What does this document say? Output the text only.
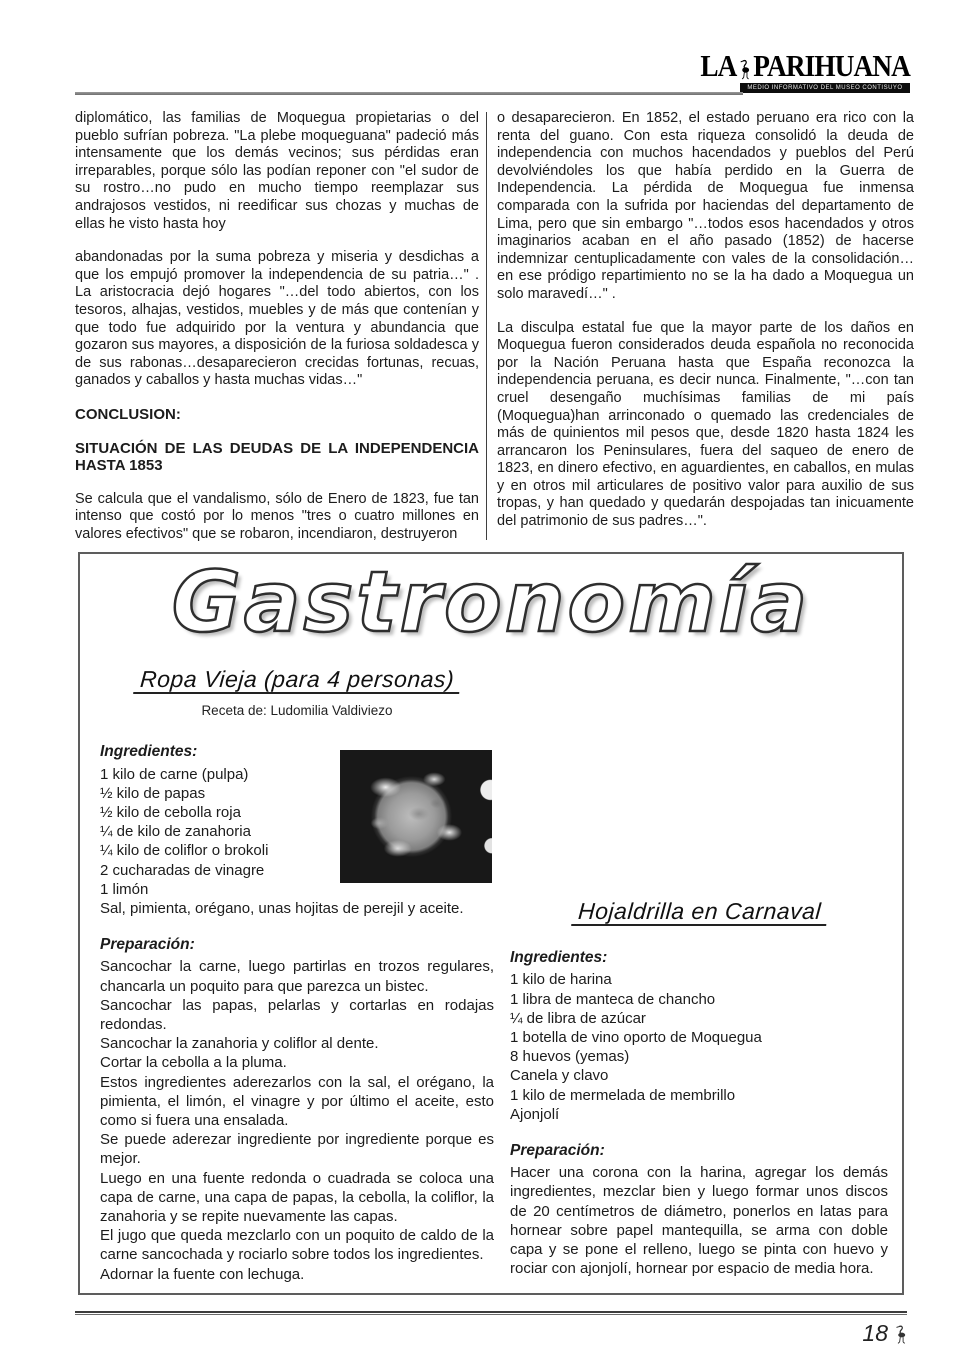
LA PARIHUANA
MEDIO INFORMATIVO DEL MUSEO CONTISUYO

diplomático, las familias de Moquegua propietarias o del pueblo sufrían pobreza. "La plebe moqueguana" padeció más intensamente que los demás vecinos; sus pérdidas eran irreparables, porque sólo las podían reponer con "el sudor de su rostro…no pudo en mucho tiempo reemplazar sus andrajosos vestidos, ni reedificar sus chozas y muchas de ellas he visto hasta hoy

abandonadas por la suma pobreza y miseria y desdichas a que los empujó promover la independencia de su patria…" . La aristocracia dejó hogares "…del todo abiertos, con los tesoros, alhajas, vestidos, muebles y de más que contenían y que todo fue adquirido por la ventura y abundancia que gozaron sus mayores, a disposición de la furiosa soldadesca y de sus rabonas…desaparecieron crecidas fortunas, recuas, ganados y caballos y hasta muchas vidas…"

CONCLUSION:

SITUACIÓN DE LAS DEUDAS DE LA INDEPENDENCIA HASTA 1853

Se calcula que el vandalismo, sólo de Enero de 1823, fue tan intenso que costó por lo menos "tres o cuatro millones en valores efectivos" que se robaron, incendiaron, destruyeron

o desaparecieron. En 1852, el estado peruano era rico con la renta del guano. Con esta riqueza consolidó la deuda de independencia con muchos hacendados y pueblos del Perú devolviéndoles los que había perdido en la Guerra de Independencia. La pérdida de Moquegua fue inmensa comparada con la sufrida por haciendas del departamento de Lima, pero que sin embargo "…todos esos hacendados y otros imaginarios acaban en el año pasado (1852) de hacerse indemnizar centuplicadamente con vales de la consolidación…en ese pródigo repartimiento no se la ha dado a Moquegua un solo maravedí…" .

La disculpa estatal fue que la mayor parte de los daños en Moquegua fueron considerados deuda española no reconocida por la Nación Peruana hasta que España reconozca la independencia peruana, es decir nunca. Finalmente, "…con tan cruel desengaño muchísimas familias de mi país (Moquegua)han arrinconado o quemado las credenciales de más de quinientos mil pesos que, desde 1820 hasta 1824 les arrancaron los Peninsulares, fuera del saqueo de enero de 1823, en dinero efectivo, en aguardientes, en caballos, en mulas y en otros mil articulares de positivo valor para auxilio de sus tropas, y han quedado y quedarán despojadas tan inicuamente del patrimonio de sus padres…".

Gastronomía
Ropa Vieja (para 4 personas)
Receta de: Ludomilia Valdiviezo
Ingredientes:
1 kilo de carne (pulpa)
½ kilo de papas
½ kilo de cebolla roja
¼ de kilo de zanahoria
¼ kilo de coliflor o brokoli
2 cucharadas de vinagre
1 limón
Sal, pimienta, orégano, unas hojitas de perejil y aceite.
Preparación:
Sancochar la carne, luego partirlas en trozos regulares, chancarla un poquito para que parezca un bistec.
Sancochar las papas, pelarlas y cortarlas en rodajas redondas.
Sancochar la zanahoria y coliflor al dente.
Cortar la cebolla a la pluma.
Estos ingredientes aderezarlos con la sal, el orégano, la pimienta, el limón, el vinagre y por último el aceite, esto como si fuera una ensalada.
Se puede aderezar ingrediente por ingrediente porque es mejor.
Luego en una fuente redonda o cuadrada se coloca una capa de carne, una capa de papas, la cebolla, la coliflor, la zanahoria y se repite nuevamente las capas.
El jugo que queda mezclarlo con un poquito de caldo de la carne sancochada y rociarlo sobre todos los ingredientes.
Adornar la fuente con lechuga.
Hojaldrilla en Carnaval
Ingredientes:
1 kilo de harina
1 libra de manteca de chancho
¼ de libra de azúcar
1 botella de vino oporto de Moquegua
8 huevos (yemas)
Canela y clavo
1 kilo de mermelada de membrillo
Ajonjolí
Preparación:
Hacer una corona con la harina, agregar los demás ingredientes, mezclar bien y luego formar unos discos de 20 centímetros de diámetro, ponerlos en latas para hornear sobre papel mantequilla, se arma con doble capa y se pone el relleno, luego se pinta con huevo y rociar con ajonjolí, hornear por espacio de media hora.
18
